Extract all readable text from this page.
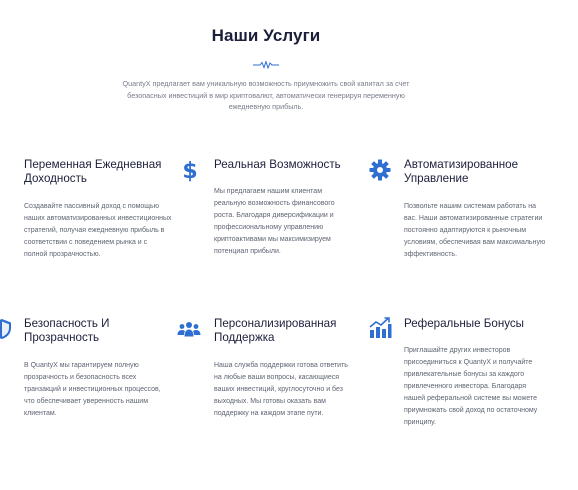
Наши Услуги

QuantyX предлагает вам уникальную возможность приумножить свой капитал за счет безопасных инвестиций в мир криптовалют, автоматически генерируя переменную ежедневную прибыль.

Переменная Ежедневная Доходность

Создавайте пассивный доход с помощью наших автоматизированных инвестиционных стратегий, получая ежедневную прибыль в соответствии с поведением рынка и с полной прозрачностью.

$ Реальная Возможность

Мы предлагаем нашим клиентам реальную возможность финансового роста. Благодаря диверсификации и профессиональному управлению криптоактивами мы максимизируем потенциал прибыли.

Автоматизированное Управление

Позвольте нашим системам работать на вас. Наши автоматизированные стратегии постоянно адаптируются к рыночным условиям, обеспечивая вам максимальную эффективность.

Безопасность И Прозрачность

В QuantyX мы гарантируем полную прозрачность и безопасность всех транзакций и инвестиционных процессов, что обеспечивает уверенность нашим клиентам.

Персонализированная Поддержка

Наша служба поддержки готова ответить на любые ваши вопросы, касающиеся ваших инвестиций, круглосуточно и без выходных. Мы готовы оказать вам поддержку на каждом этапе пути.

Реферальные Бонусы

Приглашайте других инвесторов присоединиться к QuantyX и получайте привлекательные бонусы за каждого привлеченного инвестора. Благодаря нашей реферальной системе вы можете приумножать свой доход по остаточному принципу.
